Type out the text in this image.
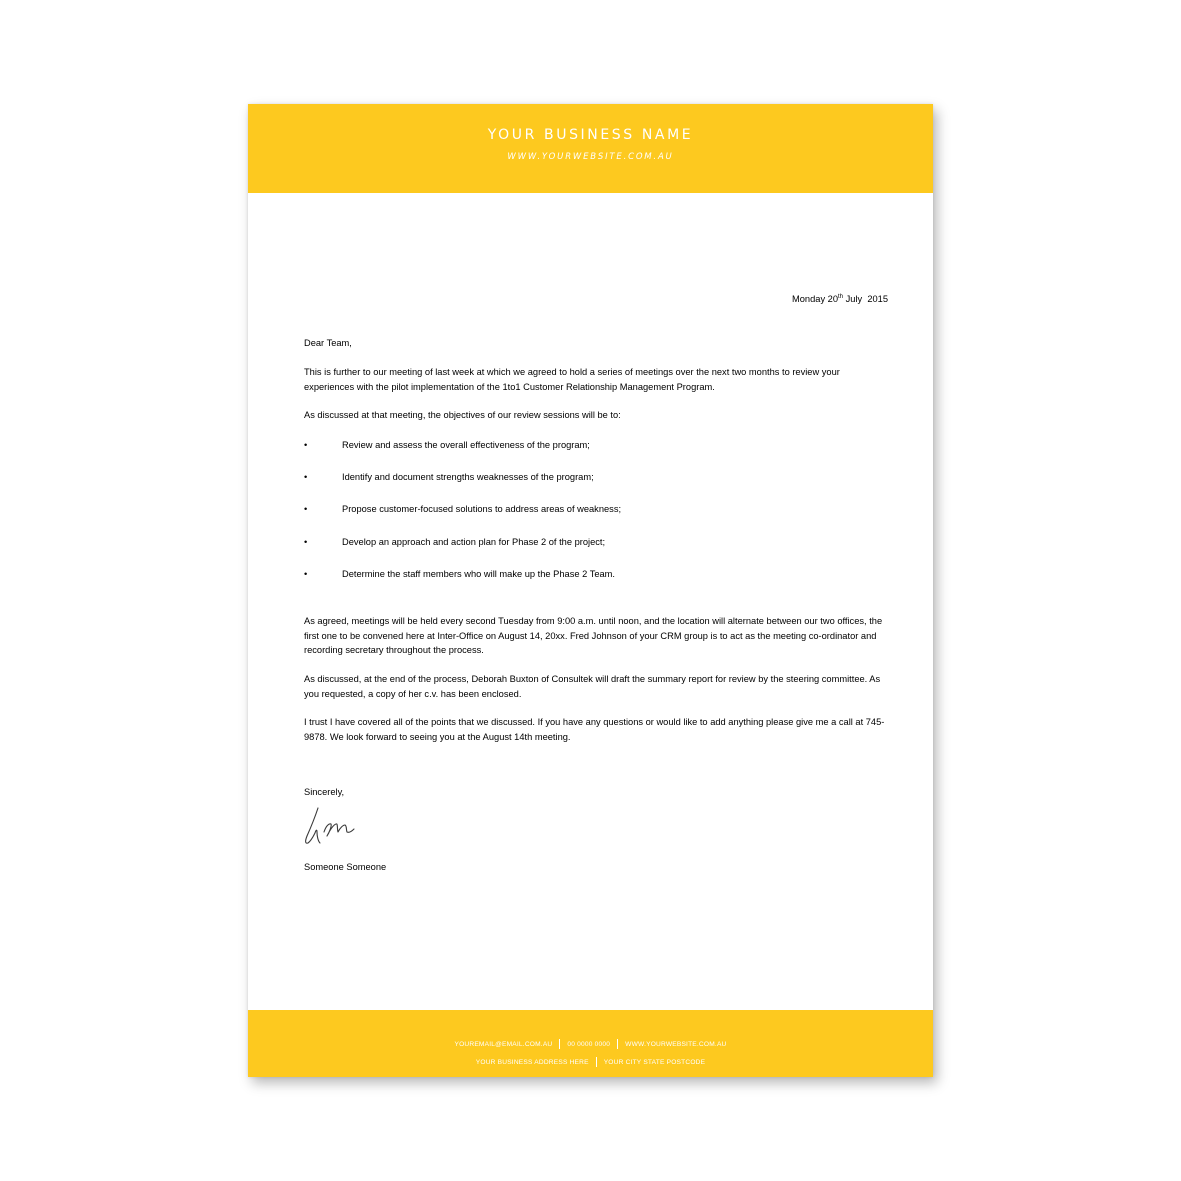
YOUR BUSINESS NAME
WWW.YOURWEBSITE.COM.AU
Monday 20th July  2015

Dear Team,

This is further to our meeting of last week at which we agreed to hold a series of meetings over the next two months to review your experiences with the pilot implementation of the 1to1 Customer Relationship Management Program.

As discussed at that meeting, the objectives of our review sessions will be to:

•	Review and assess the overall effectiveness of the program;
•	Identify and document strengths weaknesses of the program;
•	Propose customer-focused solutions to address areas of weakness;
•	Develop an approach and action plan for Phase 2 of the project;
•	Determine the staff members who will make up the Phase 2 Team.

As agreed, meetings will be held every second Tuesday from 9:00 a.m. until noon, and the location will alternate between our two offices, the first one to be convened here at Inter-Office on August 14, 20xx. Fred Johnson of your CRM group is to act as the meeting co-ordinator and recording secretary throughout the process.

As discussed, at the end of the process, Deborah Buxton of Consultek will draft the summary report for review by the steering committee. As you requested, a copy of her c.v. has been enclosed.

I trust I have covered all of the points that we discussed. If you have any questions or would like to add anything please give me a call at 745-9878. We look forward to seeing you at the August 14th meeting.

Sincerely,

Someone Someone

YOUREMAIL@EMAIL.COM.AU 00 0000 0000 WWW.YOURWEBSITE.COM.AU
YOUR BUSINESS ADDRESS HERE YOUR CITY STATE POSTCODE
